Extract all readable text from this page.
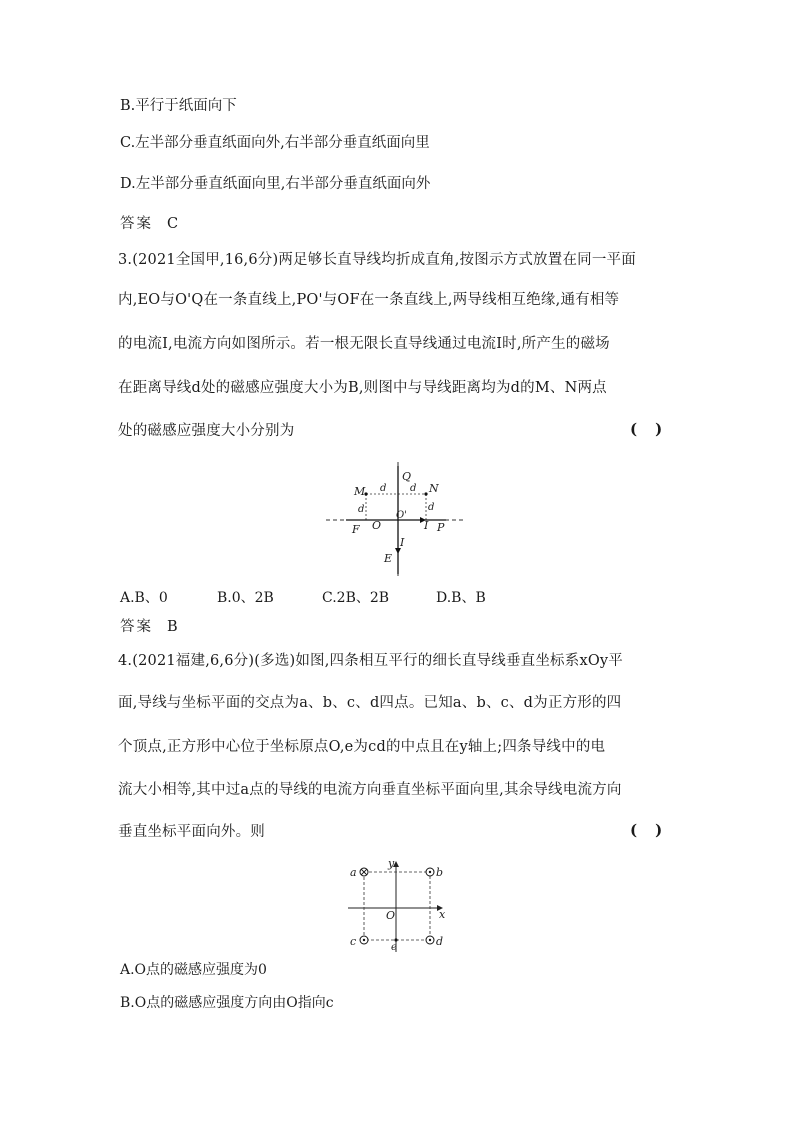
B.平行于纸面向下
C.左半部分垂直纸面向外,右半部分垂直纸面向里
D.左半部分垂直纸面向里,右半部分垂直纸面向外
答案 C
3.(2021全国甲,16,6分)两足够长直导线均折成直角,按图示方式放置在同一平面
内,EO与O'Q在一条直线上,PO'与OF在一条直线上,两导线相互绝缘,通有相等
的电流I,电流方向如图所示。若一根无限长直导线通过电流I时,所产生的磁场
在距离导线d处的磁感应强度大小为B,则图中与导线距离均为d的M、N两点
处的磁感应强度大小分别为	()
Q
M	N
d d
d	d
O'
F O	I P
I
E
A.B、0	B.0、2B	C.2B、2B	D.B、B
答案 B
4.(2021福建,6,6分)(多选)如图,四条相互平行的细长直导线垂直坐标系xOy平
面,导线与坐标平面的交点为a、b、c、d四点。已知a、b、c、d为正方形的四
个顶点,正方形中心位于坐标原点O,e为cd的中点且在y轴上;四条导线中的电
流大小相等,其中过a点的导线的电流方向垂直坐标平面向里,其余导线电流方向
垂直坐标平面向外。则	()
a	b
c	d
e
O	x
y
A.O点的磁感应强度为0
B.O点的磁感应强度方向由O指向c
